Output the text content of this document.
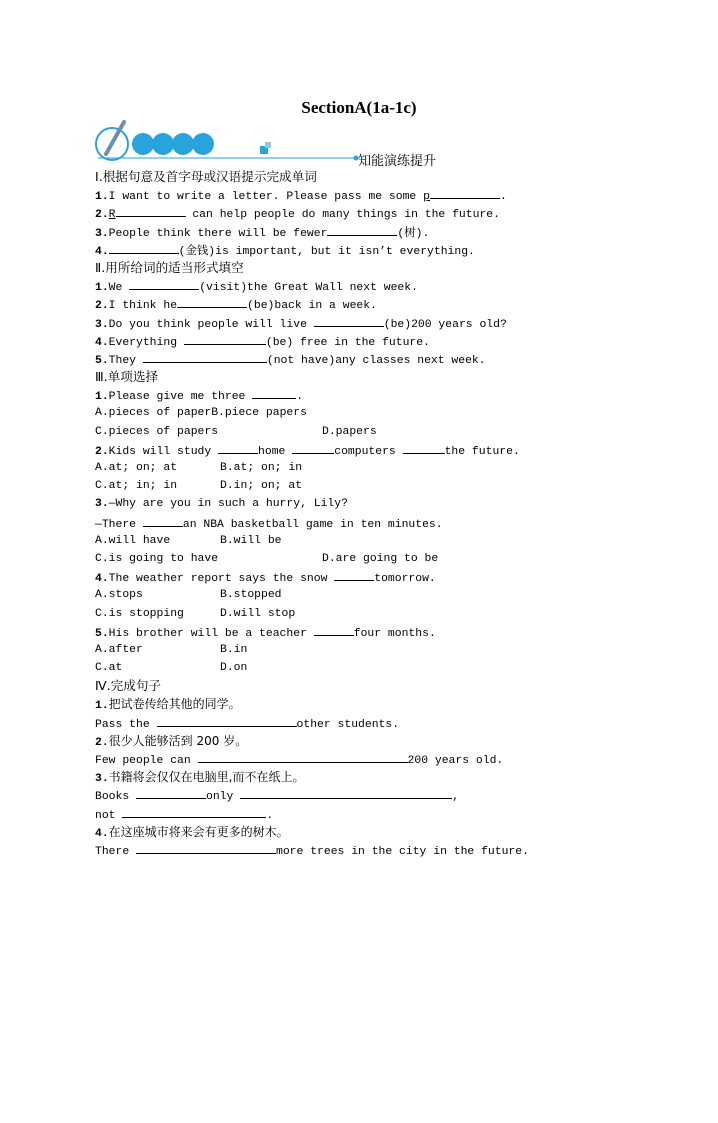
SectionA(1a-1c)
知能演练提升
Ⅰ.根据句意及首字母或汉语提示完成单词
1.I want to write a letter. Please pass me some p	.
2.R	can help people do many things in the future.
3.People think there will be fewer	(树).
4.	(金钱)is important, but it isn’t everything.
Ⅱ.用所给词的适当形式填空
1.We	(visit)the Great Wall next week.
2.I think he	(be)back in a week.
3.Do you think people will live	(be)200 years old?
4.Everything	(be) free in the future.
5.They	(not have)any classes next week.
Ⅲ.单项选择
1.Please give me three	.
A.pieces of paperB.piece papers
C.pieces of papers	D.papers
2.Kids will study	home	computers	the future.
A.at; on; at	B.at; on; in
C.at; in; in	D.in; on; at
3.—Why are you in such a hurry, Lily?
—There	an NBA basketball game in ten minutes.
A.will have	B.will be
C.is going to have	D.are going to be
4.The weather report says the snow	tomorrow.
A.stops	B.stopped
C.is stopping	D.will stop
5.His brother will be a teacher	four months.
A.after	B.in
C.at	D.on
Ⅳ.完成句子
1.把试卷传给其他的同学。
Pass the	other students.
2.很少人能够活到 200 岁。
Few people can	200 years old.
3.书籍将会仅仅在电脑里,而不在纸上。
Books	only	,
not	.
4.在这座城市将来会有更多的树木。
There	more trees in the city in the future.
